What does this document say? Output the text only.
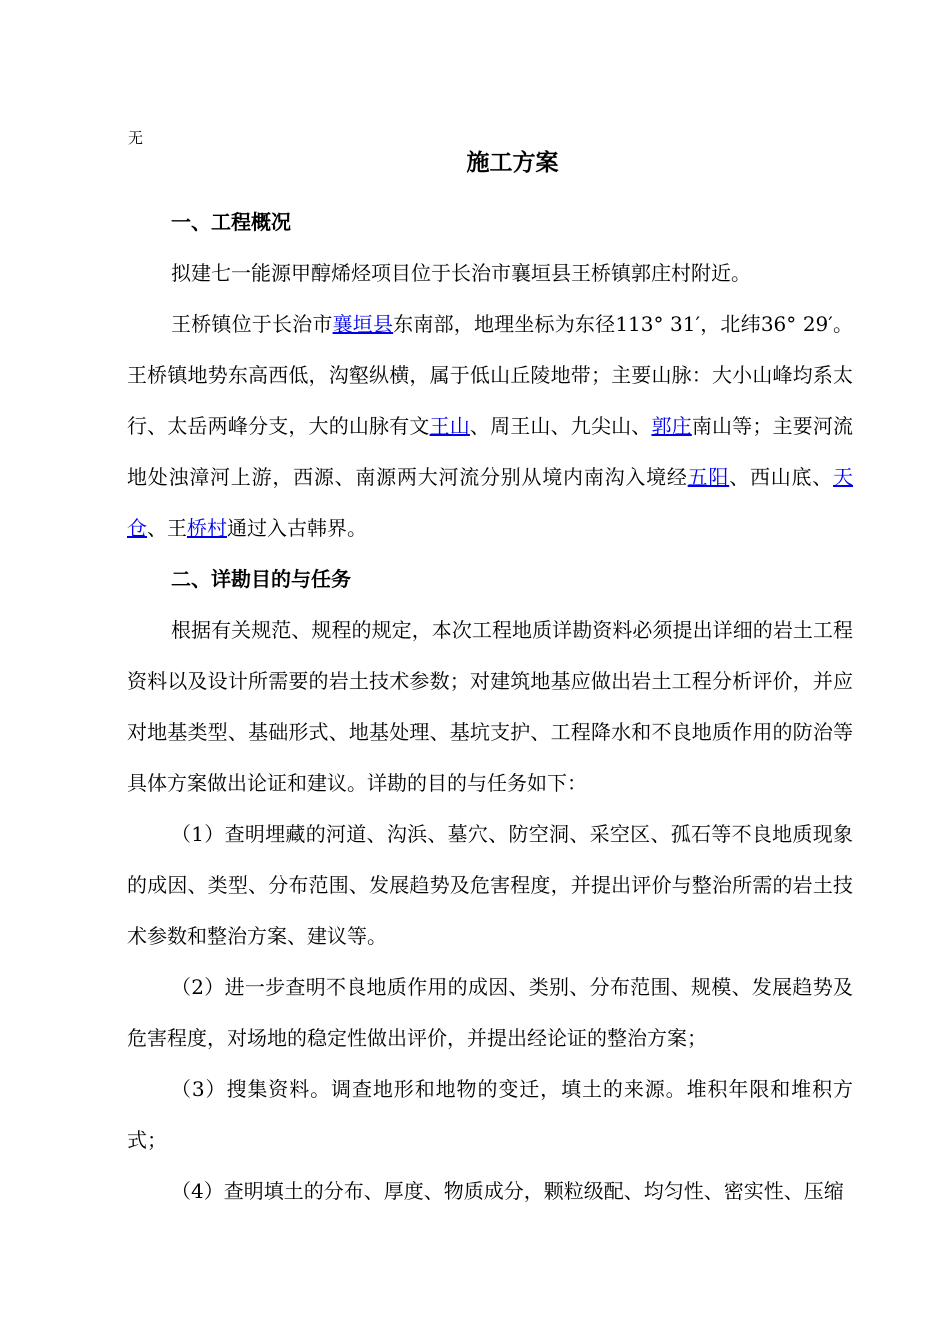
无
施工方案

一、工程概况

拟建七一能源甲醇烯烃项目位于长治市襄垣县王桥镇郭庄村附近。

王桥镇位于长治市襄垣县东南部，地理坐标为东径113° 31′，北纬36° 29′。王桥镇地势东高西低，沟壑纵横，属于低山丘陵地带；主要山脉：大小山峰均系太行、太岳两峰分支，大的山脉有文王山、周王山、九尖山、郭庄南山等；主要河流地处浊漳河上游，西源、南源两大河流分别从境内南沟入境经五阳、西山底、天仓、王桥村通过入古韩界。

二、详勘目的与任务

根据有关规范、规程的规定，本次工程地质详勘资料必须提出详细的岩土工程资料以及设计所需要的岩土技术参数；对建筑地基应做出岩土工程分析评价，并应对地基类型、基础形式、地基处理、基坑支护、工程降水和不良地质作用的防治等具体方案做出论证和建议。详勘的目的与任务如下：

（1）查明埋藏的河道、沟浜、墓穴、防空洞、采空区、孤石等不良地质现象的成因、类型、分布范围、发展趋势及危害程度，并提出评价与整治所需的岩土技术参数和整治方案、建议等。

（2）进一步查明不良地质作用的成因、类别、分布范围、规模、发展趋势及危害程度，对场地的稳定性做出评价，并提出经论证的整治方案；

（3）搜集资料。调查地形和地物的变迁，填土的来源。堆积年限和堆积方式；

（4）查明填土的分布、厚度、物质成分，颗粒级配、均匀性、密实性、压缩
